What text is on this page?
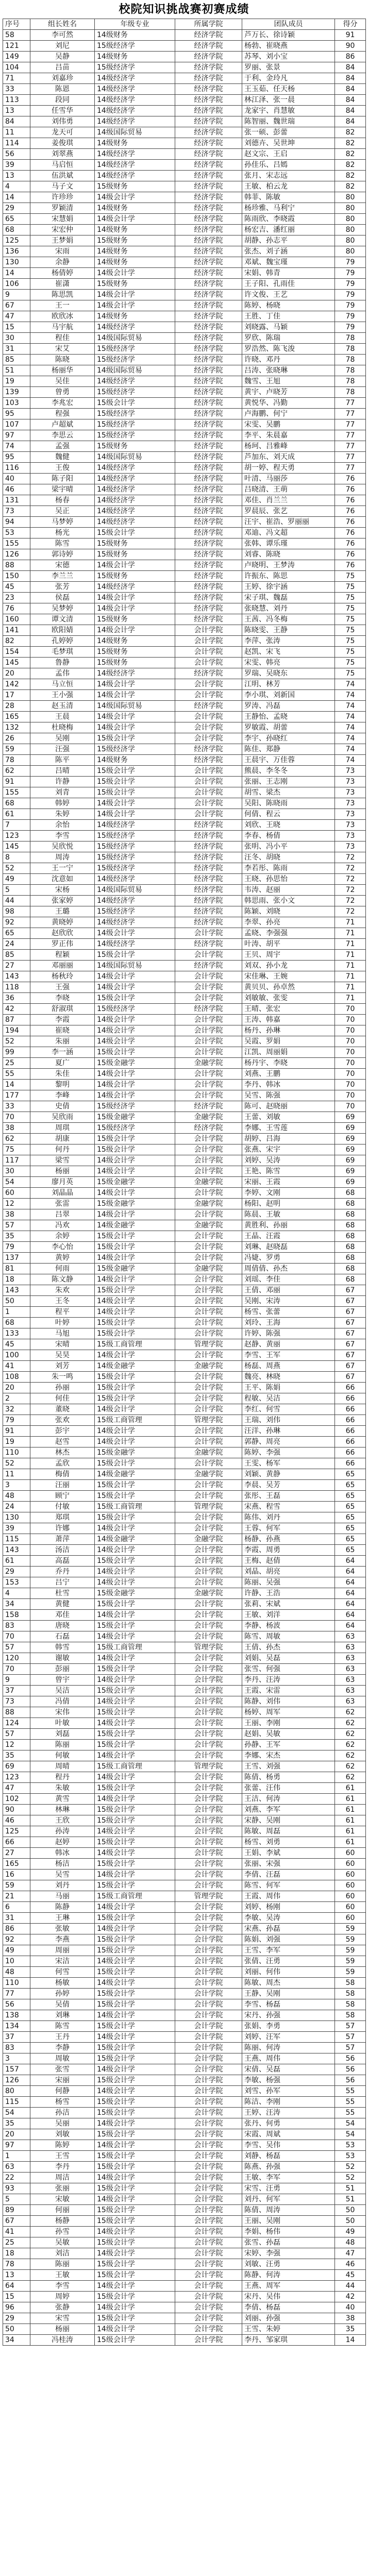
校院知识挑战赛初赛成绩
序号	组长姓名	年级专业	所属学院	团队成员	得分
58	李可然	14级财务	经济学院	芦万长、徐诗颖	91
121	刘尼	15级经济学	经济学院	杨勃、崔晓燕	90
149	吴静	14级财务	经济学院	苏琴、刘小宝	86
104	吕苗	15级经济学	经济学院	罗丽、张景	84
71	刘嘉珍	14级经济学	经济学院	于利、金玲凡	84
33	陈恩	14级经济学	经济学院	王玉茹、任天杨	84
113	段同	14级经济学	经济学院	林江泽、张一晨	84
13	任雪华	14级经济学	经济学院	龙家宇、肖慧敏	84
84	刘伟勇	14级经济学	经济学院	陈智丽、魏世瑞	84
11	龙天可	14级国际贸易	经济学院	张一硕、彭蕾	82
114	姜俊琪	14级财务	经济学院	刘德卉、吴世坤	82
56	刘翠燕	14级经济学	经济学院	赵文宗、王启	82
39	马启恒	14级经济学	经济学院	孙佳乐、吕嫣	82
13	伍洪斌	14级经济学	经济学院	张月、宋志远	82
4	马子文	15级财务	经济学院	王敏、柏云龙	82
14	许珍珍	14级会计学	经济学院	韩菲、陈敏	80
29	罗颖清	14级财务	经济学院	杨珍雅、马利宁	80
65	宋慧娟	14级会计学	经济学院	陈雨欣、李晓霞	80
68	宋宏仲	14级财务	经济学院	杨宏吉、潘红丽	80
125	王梦娟	15级财务	经济学院	胡静、孙志平	80
136	宋雨	14级财务	经济学院	张杰、刘子涵	80
130	余静	14级财务	经济学院	邓斌、魏宝瑾	79
14	杨倩婷	14级会计学	经济学院	宋娟、韩青	79
106	崔潇	15级财务	经济学院	王子阳、孔雨佳	79
9	陈思凯	14级会计学	经济学院	许文俊、王艺	79
67	王一	14级会计学	经济学院	陈婷、杨晓	79
47	欧欣冰	14级财务	经济学院	王胜、丁佳	79
15	马宇航	14级经济学	经济学院	刘晓露、马颖	79
30	程佳	14级国际贸易	经济学院	罗欣、陈瑞	78
31	宋艾	15级经济学	经济学院	罗浩然、陈飞浚	78
85	陈晓	15级经济学	经济学院	许晓、邓丹	78
51	杨丽华	14级国际贸易	经济学院	吕涛、张晓琳	78
19	吴佳	14级经济学	经济学院	魏雪、王旭	78
139	曾勇	15级经济学	经济学院	黄宇、卢晓芳	78
103	李兆宏	15级会计学	经济学院	黄悦华、冯勤	77
95	程强	15级经济学	经济学院	卢海鹏、何宁	77
107	卢超斌	15级经济学	经济学院	宋雯、吴鹏	77
97	李思云	15级经济学	经济学院	李平、朱晨嘉	77
74	孟强	15级财务	经济学院	杨珂、吕雅峰	77
95	魏健	14级国际贸易	经济学院	芦加东、刘天成	77
116	王俊	14级经济学	经济学院	胡一婷、程天勇	77
40	陈子阳	14级经济学	经济学院	叶清、马丽莎	76
46	梁宇晴	14级经济学	经济学院	吕晓清、王萌	76
131	杨春	14级经济学	经济学院	邓佳、肖兰兰	76
73	吴正	14级经济学	经济学院	罗晨辰、张艺	76
94	马梦婷	14级经济学	经济学院	汪宇、崔浩、罗丽丽	76
53	杨光	15级会计学	经济学院	邓迪、冯文超	76
155	陈雪	15级财务	经济学院	张韩、谭乐瑾	76
126	郭诗婷	15级财务	经济学院	刘睿、陈晓	76
88	宋德	14级会计学	经济学院	卢晓明、王梦涛	76
150	李兰兰	15级财务	经济学院	许振东、陈思	75
45	张芳	14级经济学	经济学院	王婷、徐宇涵	75
23	侯磊	14级会计学	经济学院	宋子琪、魏磊	75
76	吴梦婷	14级会计学	经济学院	张晓慧、刘丹	75
160	谭文清	15级财务	经济学院	王茜、冯冬梅	75
141	欧阳婧	14级会计学	会计学院	陈晓雯、王静	75
82	孔婷婷	14级财务	会计学院	李萍、张涛	75
154	毛梦琪	15级财务	会计学院	赵凯、宋飞	75
145	鲁静	15级财务	会计学院	宋雯、韩亮	75
20	孟伟	14级经济学	经济学院	罗瑞、吴晓东	75
142	马立恒	14级会计学	会计学院	江明、林芳	74
17	王小强	14级会计学	会计学院	李小琪、刘新国	74
28	赵玉清	14级国际贸易	经济学院	罗涛、冯磊	74
165	王晨	14级会计学	会计学院	王静怡、孟晓	74
132	杜晓梅	14级会计学	会计学院	罗敏霞、胡蕾	74
26	吴刚	15级会计学	会计学院	李宇、孙晓红	74
59	汪强	15级经济学	经济学院	陈佳、郑静	74
78	陈平	14级财务	经济学院	王晨宇、万佳蓉	74
62	吕晴	15级会计学	会计学院	熊晨、李冬冬	73
91	许静	15级会计学	会计学院	张丽、王志刚	73
155	刘青	15级会计学	会计学院	胡雪、梁杰	73
68	韩婷	14级会计学	会计学院	吴阳、陈晓雨	73
61	朱婷	14级会计学	会计学院	何倩、程云	73
7	余怡	14级经济学	经济学院	刘欣、王晓	73
123	李雪	15级经济学	经济学院	李春、杨倩	73
145	吴欣悦	15级经济学	经济学院	张明、冯小平	73
8	周涛	15级经济学	经济学院	汪冬、胡晓	72
52	王一宁	15级经济学	经济学院	李若彤、陈雨	72
49	沈意如	14级经济学	经济学院	王晓、孙思怡	72
5	宋杨	14级国际贸易	经济学院	韦涛、赵丽	72
44	张家婷	14级经济学	经济学院	韩思雨、张小文	72
98	王璐	15级经济学	经济学院	陈颖、刘晓	72
92	黄晓婷	14级经济学	经济学院	李翠、孙亮	71
65	赵欣欣	14级会计学	会计学院	孟晓、李强强	71
24	罗正伟	14级经济学	经济学院	叶涛、胡平	71
85	程颖	15级会计学	会计学院	王贝、周宇	71
27	邓丽丽	14级国际贸易	经济学院	刘双、孙小龙	71
143	杨秋玲	14级会计学	会计学院	宋佳琳、王婉	71
118	王强	14级会计学	会计学院	黄贝贝、孙卓然	71
36	李晓	15级会计学	会计学院	刘敏敏、张雯	71
42	舒淑琪	15级经济学	经济学院	王晴、张宏	70
87	李霞	14级会计学	会计学院	王涛、韩嘉	70
194	崔晓	14级会计学	会计学院	杨丹、孙琳	70
52	朱丽	14级会计学	会计学院	吴霞、罗娟	70
99	李一涵	15级会计学	会计学院	江凯、周丽娟	70
25	夏广	15级金融学	金融学院	杨丹宇、李晓	70
55	朱佳	14级会计学	会计学院	刘燕、王鹏	70
14	黎明	14级会计学	会计学院	李丹、韩冰	70
177	李峰	14级会计学	会计学院	吴雪、陈强	70
33	史倩	15级经济学	经济学院	陈可、赵晓丽	70
70	吴欣雨	15级金融学	金融学院	王蕾、刘敏	69
38	周琪	15级经济学	经济学院	李娜、王雪莲	69
62	胡康	15级会计学	会计学院	胡婷、吕海	69
75	何丹	15级会计学	会计学院	张燕、宋宇	69
117	梁雪	14级会计学	会计学院	刘婷、吴涛	69
30	杨丽	14级会计学	会计学院	王艳、陈雪	69
54	廖月英	15级金融学	金融学院	宋丽、王霞	69
60	刘晶晶	14级会计学	会计学院	李婷、文刚	68
12	张雷	15级金融学	金融学院	杨阳、赵明	68
38	吕翠	14级会计学	会计学院	陈晨、王敏	68
57	冯欢	14级金融学	金融学院	黄胜利、孙丽	68
35	余婷	15级会计学	会计学院	王晶、汪霞	68
79	李心怡	15级会计学	会计学院	刘琳、赵晓磊	68
137	黄婷	14级会计学	会计学院	冯婕、罗勇	68
81	何雨	15级金融学	金融学院	周倩倩、孙杰	68
18	陈文静	14级会计学	会计学院	刘瑶、李佳	68
143	朱欢	15级会计学	会计学院	王倩、邓丽	67
50	王冬	14级会计学	会计学院	吴刚、宋涛	67
1	程平	14级会计学	会计学院	杨雪、张蕾	67
68	叶婷	15级会计学	会计学院	刘玲、王海	67
133	马旭	15级会计学	会计学院	许婷、陈强	67
45	宋晴	15级工商管理	管理学院	赵静、黄丽	67
100	吴昊	14级会计学	会计学院	李雪、王军	67
41	刘芳	14级金融学	金融学院	杨磊、周燕	67
108	朱一鸣	15级会计学	会计学院	魏亮、林晓	67
20	孙丽	15级会计学	会计学院	王平、陈娟	66
2	何佳	15级会计学	会计学院	程敏、吴洁	66
32	董晓	14级会计学	会计学院	李红、何雪	66
79	张欢	15级工商管理	管理学院	王瑞、刘伟	66
91	彭宇	14级会计学	会计学院	汪洋、孙琳	66
19	赵雪	14级会计学	会计学院	郭静、周亮	66
110	林杰	15级金融学	金融学院	陈婷、李强	66
52	孟欣	15级会计学	会计学院	王雯、杨军	66
11	梅倩	14级金融学	金融学院	刘颖、黄静	65
3	汪丽	15级会计学	会计学院	李晨、吴芳	65
48	顾宁	15级会计学	会计学院	张彤、王磊	65
24	付敏	15级工商管理	管理学院	宋燕、程雪	65
130	郑琪	15级会计学	会计学院	陈伟、刘丹	65
39	许娜	14级会计学	会计学院	王蓉、何军	65
115	萧萍	14级金融学	金融学院	杨静、孙燕	65
143	汤洁	14级会计学	会计学院	李霞、周勇	65
61	高磊	15级会计学	会计学院	王梅、赵倩	64
29	乔丹	14级会计学	会计学院	刘晶、胡亮	64
153	吕宁	14级会计学	会计学院	陈丽、吴强	64
4	杜雪	15级金融学	金融学院	许静、王浩	64
34	黄健	15级会计学	会计学院	张莉、宋斌	64
158	邓佳	14级会计学	会计学院	王敏、刘洋	64
83	唐晓	15级会计学	会计学院	李静、杨波	64
70	石磊	14级会计学	会计学院	陈雪、周敏	63
57	韩雪	15级工商管理	管理学院	王倩、孙杰	63
120	谢敏	14级会计学	会计学院	刘娟、吴磊	63
70	彭丽	15级会计学	会计学院	张雪、何强	63
9	曾宇	14级会计学	会计学院	李丹、汪涛	63
37	吴洁	15级会计学	会计学院	王霞、宋雷	63
73	冯倩	14级会计学	会计学院	陈静、刘伟	63
88	宋伟	15级会计学	会计学院	杨婷、周军	62
124	叶敏	14级会计学	会计学院	王丽、李刚	62
57	刘磊	15级会计学	会计学院	赵娟、吴敏	62
12	陈丽	15级会计学	会计学院	孙静、王军	62
35	何敏	14级会计学	会计学院	李娜、宋杰	62
69	周晴	15级工商管理	管理学院	王雪、刘强	62
123	程丹	14级会计学	会计学院	陈倩、杨勇	62
47	朱敏	15级会计学	会计学院	张蕾、汪伟	61
102	黄雪	14级会计学	会计学院	王洁、何涛	61
90	林琳	15级会计学	会计学院	刘燕、李军	61
46	王欣	15级会计学	会计学院	宋静、吴刚	61
125	孙涛	14级会计学	会计学院	陈敏、周磊	61
66	赵婷	15级会计学	会计学院	杨雪、刘勇	61
27	韩冰	14级会计学	会计学院	王娟、李斌	60
165	杨洁	15级会计学	会计学院	张丽、宋强	60
16	吴雪	14级会计学	会计学院	李倩、汪磊	60
59	刘丹	15级会计学	会计学院	陈雪、何军	60
21	马丽	15级工商管理	管理学院	王霞、周伟	60
6	陈静	14级会计学	会计学院	刘婷、杨刚	60
31	王琳	15级会计学	会计学院	李敏、吴涛	60
86	张敏	14级会计学	会计学院	宋燕、孙磊	59
92	李燕	15级会计学	会计学院	陈娟、刘强	59
49	周丽	15级会计学	会计学院	王雪、李军	59
10	宋洁	14级会计学	会计学院	张倩、汪勇	59
48	何雪	15级会计学	会计学院	刘丽、何伟	59
110	杨敏	14级会计学	会计学院	陈敏、周杰	58
77	孙婷	15级会计学	会计学院	王静、吴刚	58
56	吴倩	15级会计学	会计学院	李雪、杨磊	58
138	刘琳	14级会计学	会计学院	宋丹、孙强	58
134	陈雪	15级会计学	会计学院	张娟、李勇	57
37	王丹	14级会计学	会计学院	刘婷、汪军	57
83	李静	15级会计学	会计学院	陈丽、何涛	57
3	周敏	15级会计学	会计学院	王燕、周伟	56
157	张雪	14级会计学	会计学院	宋倩、吴磊	56
126	宋丽	15级会计学	会计学院	李敏、杨强	56
80	何静	14级会计学	会计学院	刘雪、孙军	55
115	杨雪	15级会计学	会计学院	陈洁、李刚	55
54	孙洁	15级会计学	会计学院	王婷、汪涛	55
35	吴丽	14级会计学	会计学院	张丹、何勇	54
20	刘敏	15级会计学	会计学院	宋霞、周斌	54
97	陈婷	14级会计学	会计学院	李雪、吴伟	53
1	王雪	15级会计学	会计学院	刘静、杨磊	53
63	李丹	15级会计学	会计学院	陈燕、孙强	52
22	周洁	14级会计学	会计学院	王敏、李军	52
93	张丽	15级会计学	会计学院	宋雪、汪勇	51
5	宋敏	14级会计学	会计学院	刘丹、何军	51
89	何丽	15级会计学	会计学院	陈倩、周涛	50
67	杨静	15级会计学	会计学院	王丽、吴刚	50
41	孙雪	14级会计学	会计学院	李娟、杨伟	49
25	吴敏	15级会计学	会计学院	张雪、孙磊	48
18	刘洁	14级会计学	会计学院	宋婷、李强	47
78	陈丽	15级会计学	会计学院	刘敏、汪勇	46
13	王敏	15级会计学	会计学院	陈静、何涛	45
64	李雪	14级会计学	会计学院	王燕、周军	44
15	周婷	15级会计学	会计学院	宋丹、吴伟	42
96	张静	14级会计学	会计学院	李倩、杨磊	40
29	宋雪	15级会计学	会计学院	刘丽、孙强	38
50	杨丽	14级会计学	会计学院	王雪、朱婷	35
34	冯桂涛	15级会计学	会计学院	李丹、邹家琪	14
